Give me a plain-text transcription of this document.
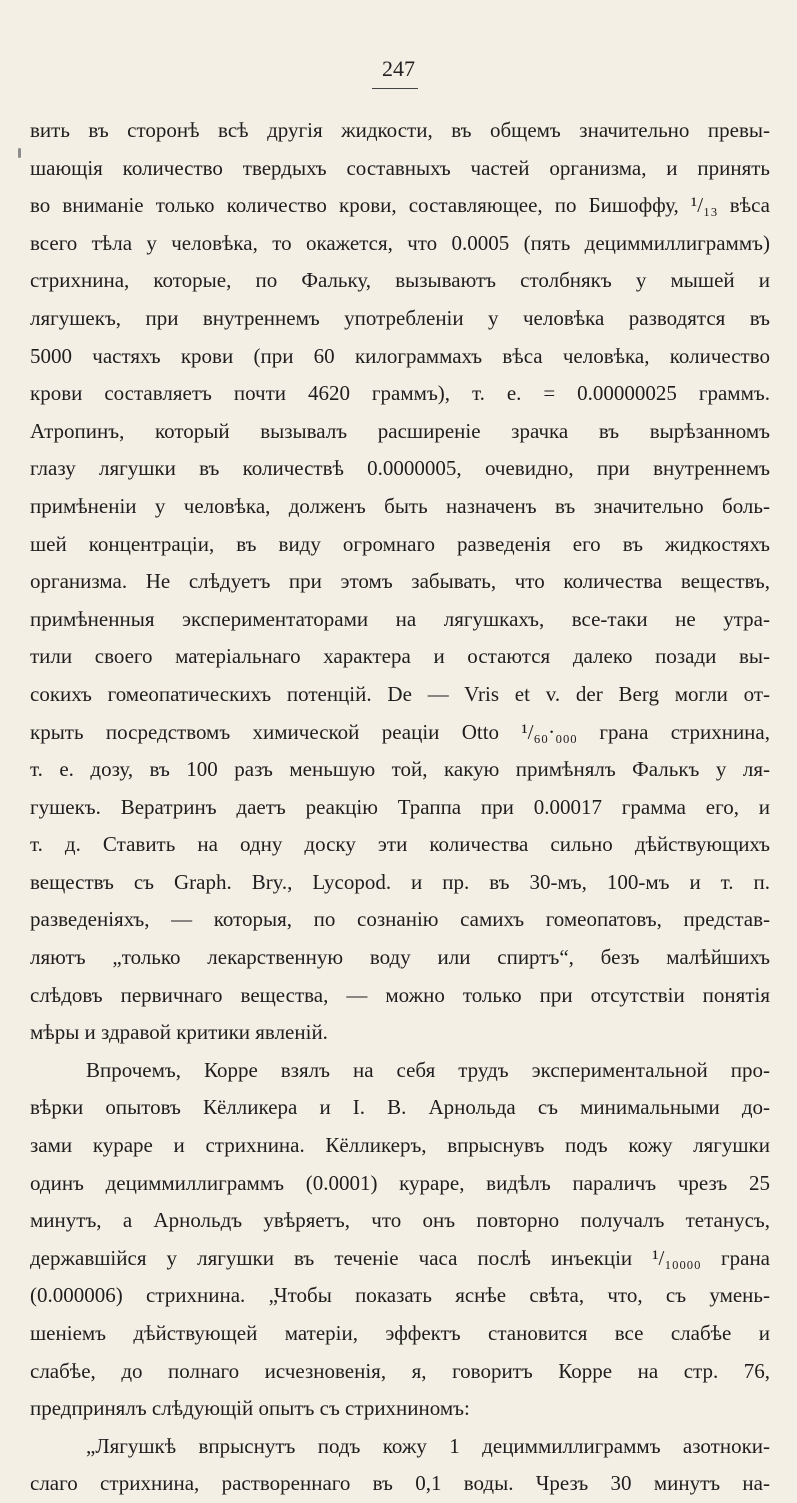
247
вить въ сторонѣ всѣ другія жидкости, въ общемъ значительно превы-
шающія количество твердыхъ составныхъ частей организма, и принять
во вниманіе только количество крови, составляющее, по Бишоффу, ¹/₁₃ вѣса
всего тѣла у человѣка, то окажется, что 0.0005 (пять дециммиллиграммъ)
стрихнина, которые, по Фальку, вызываютъ столбнякъ у мышей и
лягушекъ, при внутреннемъ употребленіи у человѣка разводятся въ
5000 частяхъ крови (при 60 килограммахъ вѣса человѣка, количество
крови составляетъ почти 4620 граммъ), т. е. = 0.00000025 граммъ.
Атропинъ, который вызывалъ расширеніе зрачка въ вырѣзанномъ
глазу лягушки въ количествѣ 0.0000005, очевидно, при внутреннемъ
примѣненіи у человѣка, долженъ быть назначенъ въ значительно боль-
шей концентраціи, въ виду огромнаго разведенія его въ жидкостяхъ
организма. Не слѣдуетъ при этомъ забывать, что количества веществъ,
примѣненныя экспериментаторами на лягушкахъ, все-таки не утра-
тили своего матеріальнаго характера и остаются далеко позади вы-
сокихъ гомеопатическихъ потенцій. De — Vris et v. der Berg могли от-
крыть посредствомъ химической реаціи Otto ¹/₆₀·₀₀₀ грана стрихнина,
т. е. дозу, въ 100 разъ меньшую той, какую примѣнялъ Фалькъ у ля-
гушекъ. Вератринъ даетъ реакцію Траппа при 0.00017 грамма его, и
т. д. Ставить на одну доску эти количества сильно дѣйствующихъ
веществъ съ Graph. Bry., Lycopod. и пр. въ 30-мъ, 100-мъ и т. п.
разведеніяхъ, — которыя, по сознанію самихъ гомеопатовъ, представ-
ляютъ „только лекарственную воду или спиртъ“, безъ малѣйшихъ
слѣдовъ первичнаго вещества, — можно только при отсутствіи понятія
мѣры и здравой критики явленій.
Впрочемъ, Корре взялъ на себя трудъ экспериментальной про-
вѣрки опытовъ Кёлликера и I. B. Арнольда съ минимальными до-
зами кураре и стрихнина. Кёлликеръ, впрыснувъ подъ кожу лягушки
одинъ дециммиллиграммъ (0.0001) кураре, видѣлъ параличъ чрезъ 25
минутъ, а Арнольдъ увѣряетъ, что онъ повторно получалъ тетанусъ,
державшійся у лягушки въ теченіе часа послѣ инъекціи ¹/₁₀₀₀₀ грана
(0.000006) стрихнина. „Чтобы показать яснѣе свѣта, что, съ умень-
шеніемъ дѣйствующей матеріи, эффектъ становится все слабѣе и
слабѣе, до полнаго исчезновенія, я, говоритъ Корре на стр. 76,
предпринялъ слѣдующій опытъ съ стрихниномъ:
„Лягушкѣ впрыснутъ подъ кожу 1 дециммиллиграммъ азотноки-
слаго стрихнина, раствореннаго въ 0,1 воды. Чрезъ 30 минутъ на-
